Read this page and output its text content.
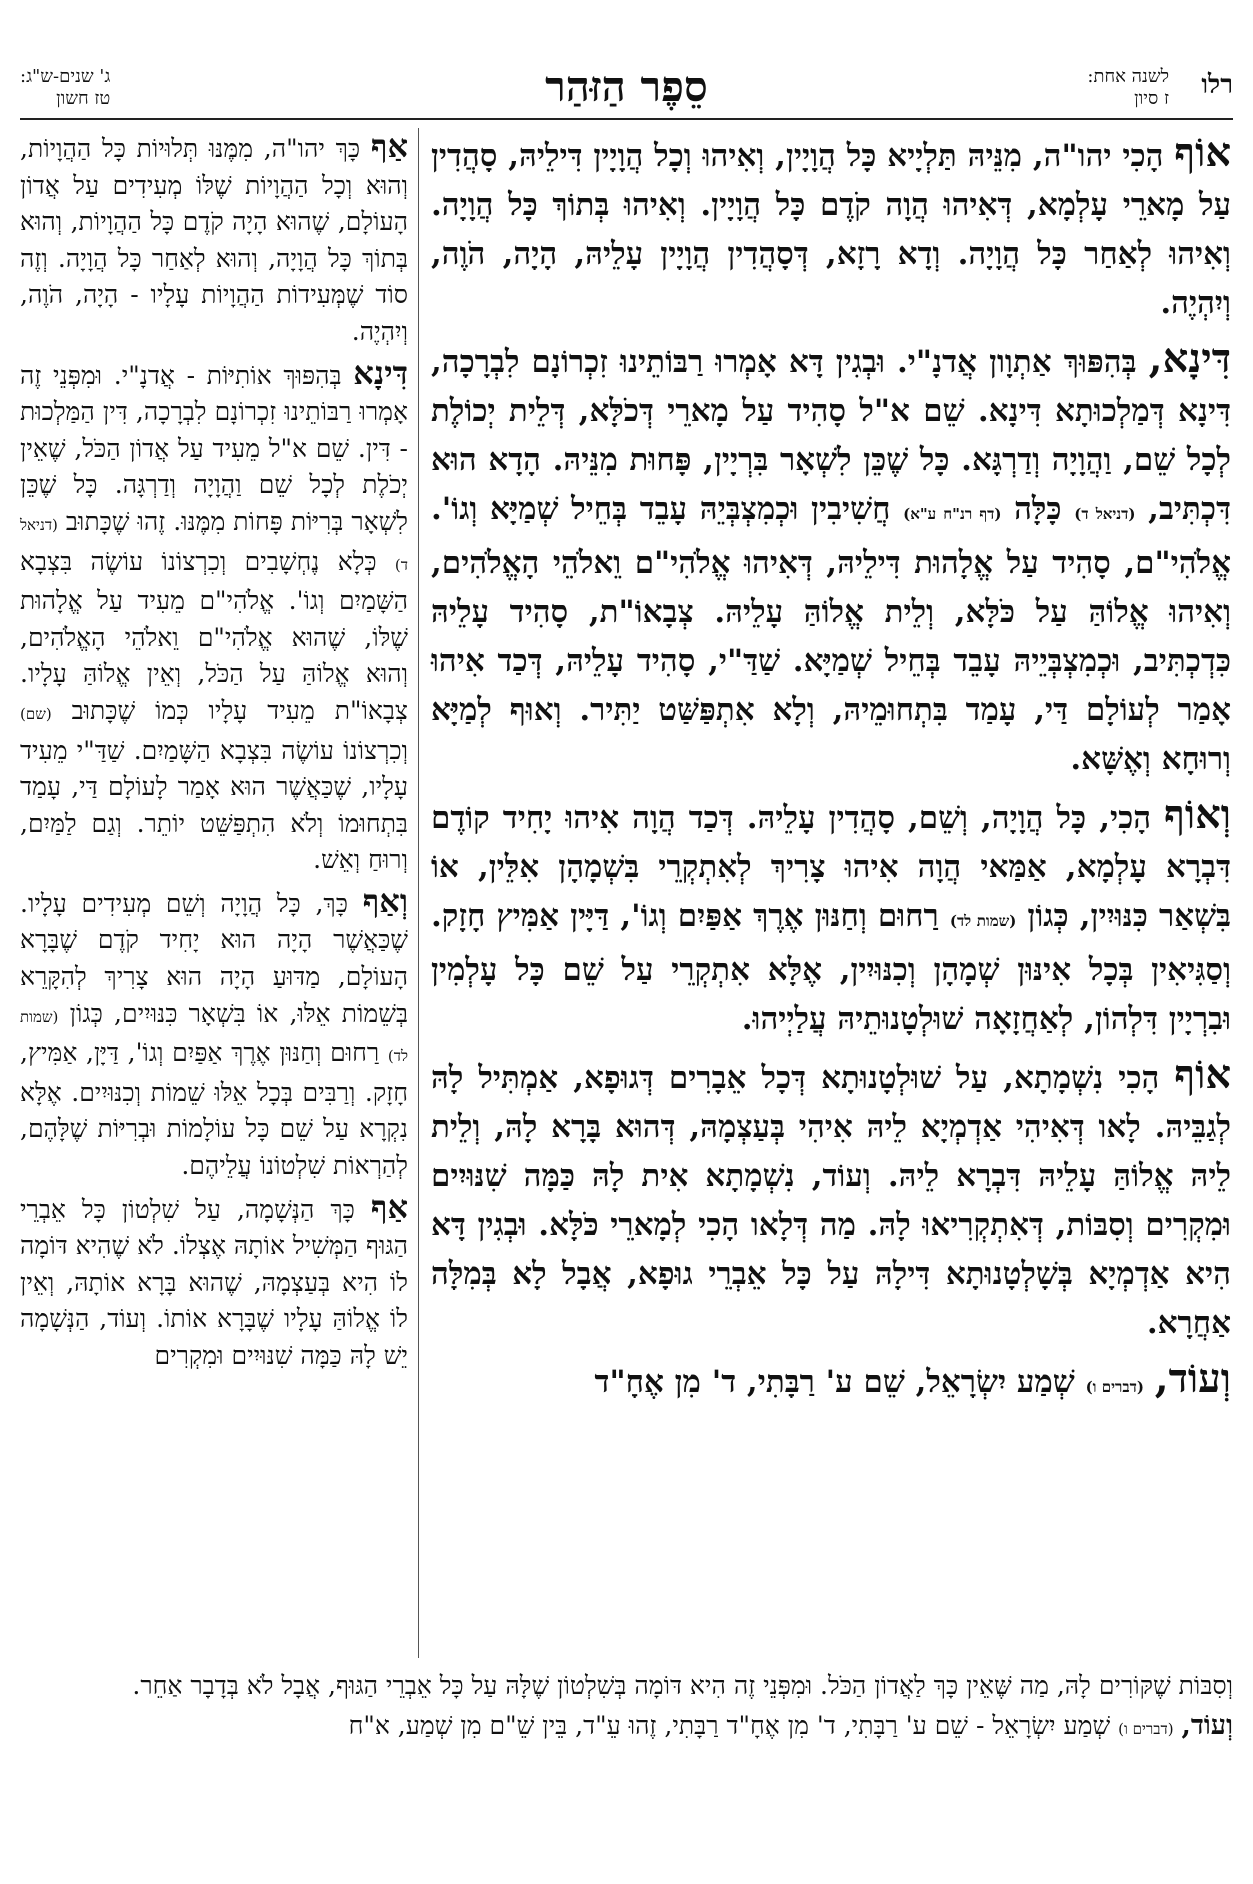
רלו
לשנה אחת:
ז סיון
סֵפֶר הַזּהַר
ג' שנים-ש"ג:
טז חשון

אוֹף הָכִי יהו"ה, מִנֵּיהּ תַּלְיָיא כָּל הֲוָיָין, וְאִיהוּ וְכָל הֲוָיָין דִּילֵיהּ, סָהֲדִין עַל מָארֵי עָלְמָא, דְּאִיהוּ הֲוָה קֹדֶם כָּל הֲוָיָין. וְאִיהוּ בְּתוֹךְ כָּל הֲוָיָה. וְאִיהוּ לְאַחַר כָּל הֲוָיָה. וְדָא רָזָא, דְּסָהֲדִין הֲוָיָין עָלֵיהּ, הָיָה, הֹוֶה, וְיִהְיֶה.

דִּינָא, בְּהִפּוּךְ אַתְוָון אֲדנָ"י. וּבְגִין דָּא אָמְרוּ רַבּוֹתֵינוּ זִכְרוֹנָם לִבְרָכָה, דִּינָא דְּמַלְכוּתָא דִּינָא. שֵׁם א"ל סָהִיד עַל מָארֵי דְּכֹלָּא, דְּלֵית יְכוֹלֶת לְכָל שֵׁם, וַהֲוָיָה וְדַרְגָּא. כָּל שֶׁכֵּן לִשְׁאָר בִּרְיָין, פָּחוּת מִנֵּיהּ. הָדָא הוּא דִּכְתִּיב, (דניאל ד) כָּלָּה (דף רנ"ח ע"א) חֲשִׁיבִין וּכְמִצְבְּיֵהּ עָבֵד בְּחֵיל שְׁמַיָּא וְגוֹ'. אֱלֹהִי"ם, סָהִיד עַל אֱלָהוּת דִּילֵיהּ, דְּאִיהוּ אֱלֹהִי"ם וֵאלֹהֵי הָאֱלֹהִים, וְאִיהוּ אֱלוֹהַּ עַל כֹּלָּא, וְלֵית אֱלוֹהַּ עָלֵיהּ. צְבָאוֹ"ת, סָהִיד עָלֵיהּ כִּדְכְתִּיב, וּכְמִצְבְּיֵיהּ עָבֵד בְּחֵיל שְׁמַיָּא. שַׁדַּ"י, סָהִיד עָלֵיהּ, דְּכַד אִיהוּ אָמַר לְעוֹלָם דַּי, עָמַד בִּתְחוּמֵיהּ, וְלָא אִתְפַּשַּׁט יַתִּיר. וְאוּף לְמַיָּא וְרוּחָא וְאֶשָּׁא.

וְאוֹף הָכִי, כָּל הֲוָיָה, וְשֵׁם, סָהֲדִין עָלֵיהּ. דְּכַד הֲוָה אִיהוּ יָחִיד קוֹדֶם דִּבְרָא עָלְמָא, אַמַּאי הֲוָה אִיהוּ צָרִיךְ לְאִתְקְרֵי בִּשְׁמָהָן אִלֵּין, אוֹ בִּשְׁאַר כִּנּוּיִין, כְּגוֹן (שמות לד) רַחוּם וְחַנּוּן אֶרֶךְ אַפַּיִם וְגוֹ', דַּיָּין אַמִּיץ חָזָק. וְסַגִּיאִין בְּכָל אִינּוּן שְׁמָהָן וְכִנּוּיִין, אֶלָּא אִתְקְרֵי עַל שֵׁם כָּל עָלְמִין וּבִרְיָין דִּלְהוֹן, לְאַחֲזָאָה שׁוּלְטָנוּתֵיהּ עֲלַיְיהוּ.

אוֹף הָכִי נִשְׁמָתָא, עַל שׁוּלְטָנוּתָא דְּכָל אֵבָרִים דְּגוּפָא, אַמְתִּיל לָהּ לְגַבֵּיהּ. לָאו דְּאִיהִי אַדְמְיָא לֵיהּ אִיהִי בְּעַצְמָהּ, דְּהוּא בָּרָא לָהּ, וְלֵית לֵיהּ אֱלוֹהַּ עָלֵיהּ דִּבְרָא לֵיהּ. וְעוֹד, נִשְׁמָתָא אִית לָהּ כַּמָּה שִׁנּוּיִים וּמִקְרִים וְסִבּוֹת, דְּאִתְקְרִיאוּ לָהּ. מַה דְּלָאו הָכִי לְמָארֵי כֹּלָּא. וּבְגִין דָּא הִיא אַדְמְיָא בְּשָׁלְטָנוּתָא דִּילָהּ עַל כָּל אֵבְרֵי גוּפָא, אֲבָל לָא בְּמִלָּה אַחֲרָא.

וְעוֹד, (דברים ו) שְׁמַע יִשְׂרָאֵל, שֵׁם ע' רַבָּתִי, ד' מִן אֶחָ"ד

אַף כָּךְ יהו"ה, מִמֶּנּוּ תְּלוּיוֹת כָּל הַהֲוָיוֹת, וְהוּא וְכָל הַהֲוָיוֹת שֶׁלּוֹ מְעִידִים עַל אֲדוֹן הָעוֹלָם, שֶׁהוּא הָיָה קֹדֶם כָּל הַהֲוָיוֹת, וְהוּא בְּתוֹךְ כָּל הֲוָיָה, וְהוּא לְאַחַר כָּל הֲוָיָה. וְזֶה סוֹד שֶׁמְּעִידוֹת הַהֲוָיוֹת עָלָיו - הָיָה, הֹוֶה, וְיִהְיֶה.

דִּינָא בְּהִפּוּךְ אוֹתִיּוֹת - אֲדנָ"י. וּמִפְּנֵי זֶה אָמְרוּ רַבּוֹתֵינוּ זִכְרוֹנָם לִבְרָכָה, דִּין הַמַּלְכוּת - דִּין. שֵׁם א"ל מֵעִיד עַל אֲדוֹן הַכֹּל, שֶׁאֵין יְכֹלֶת לְכָל שֵׁם וַהֲוָיָה וְדַרְגָּה. כָּל שֶׁכֵּן לִשְׁאָר בְּרִיּוֹת פָּחוֹת מִמֶּנּוּ. זֶהוּ שֶׁכָּתוּב (דניאל ד) כְּלָא נֶחְשָׁבִים וְכִרְצוֹנוֹ עוֹשֶׂה בִּצְבָא הַשָּׁמַיִם וְגוֹ'. אֱלֹהִי"ם מֵעִיד עַל אֱלָהוּת שֶׁלּוֹ, שֶׁהוּא אֱלֹהִי"ם וֵאלֹהֵי הָאֱלֹהִים, וְהוּא אֱלוֹהַּ עַל הַכֹּל, וְאֵין אֱלוֹהַּ עָלָיו. צְבָאוֹ"ת מֵעִיד עָלָיו כְּמוֹ שֶׁכָּתוּב (שם) וְכִרְצוֹנוֹ עוֹשֶׂה בִּצְבָא הַשָּׁמַיִם. שַׁדַּ"י מֵעִיד עָלָיו, שֶׁכַּאֲשֶׁר הוּא אָמַר לָעוֹלָם דַּי, עָמַד בִּתְחוּמוֹ וְלֹא הִתְפַּשֵּׁט יוֹתֵר. וְגַם לַמַּיִם, וְרוּחַ וְאֵשׁ.

וְאַף כָּךְ, כָּל הֲוָיָה וְשֵׁם מְעִידִים עָלָיו. שֶׁכַּאֲשֶׁר הָיָה הוּא יָחִיד קֹדֶם שֶׁבָּרָא הָעוֹלָם, מַדּוּעַ הָיָה הוּא צָרִיךְ לְהִקָּרֵא בְּשֵׁמוֹת אֵלּוּ, אוֹ בִּשְׁאָר כִּנּוּיִים, כְּגוֹן (שמות לד) רַחוּם וְחַנּוּן אֶרֶךְ אַפַּיִם וְגוֹ', דַּיָּן, אַמִּיץ, חָזָק. וְרַבִּים בְּכָל אֵלּוּ שֵׁמוֹת וְכִנּוּיִים. אֶלָּא נִקְרָא עַל שֵׁם כָּל עוֹלָמוֹת וּבְרִיּוֹת שֶׁלָּהֶם, לְהַרְאוֹת שִׁלְטוֹנוֹ עֲלֵיהֶם.

אַף כָּךְ הַנְּשָׁמָה, עַל שִׁלְטוֹן כָּל אֵבְרֵי הַגּוּף הַמְּשִׁיל אוֹתָהּ אֶצְלוֹ. לֹא שֶׁהִיא דּוֹמָה לוֹ הִיא בְּעַצְמָהּ, שֶׁהוּא בָּרָא אוֹתָהּ, וְאֵין לוֹ אֱלוֹהַּ עָלָיו שֶׁבָּרָא אוֹתוֹ. וְעוֹד, הַנְּשָׁמָה יֵשׁ לָהּ כַּמָּה שִׁנּוּיִים וּמִקְרִים

וְסִבּוֹת שֶׁקּוֹרִים לָהּ, מַה שֶּׁאֵין כָּךְ לַאֲדוֹן הַכֹּל. וּמִפְּנֵי זֶה הִיא דּוֹמָה בְּשִׁלְטוֹן שֶׁלָּהּ עַל כָּל אֵבְרֵי הַגּוּף, אֲבָל לֹא בְּדָבָר אַחֵר.

וְעוֹד, (דברים ו) שְׁמַע יִשְׂרָאֵל - שֵׁם ע' רַבָּתִי, ד' מִן אֶחָ"ד רַבָּתִי, זֶהוּ עֵ"ד, בֵּין שֵׁ"ם מִן שְׁמַע, א"ח
